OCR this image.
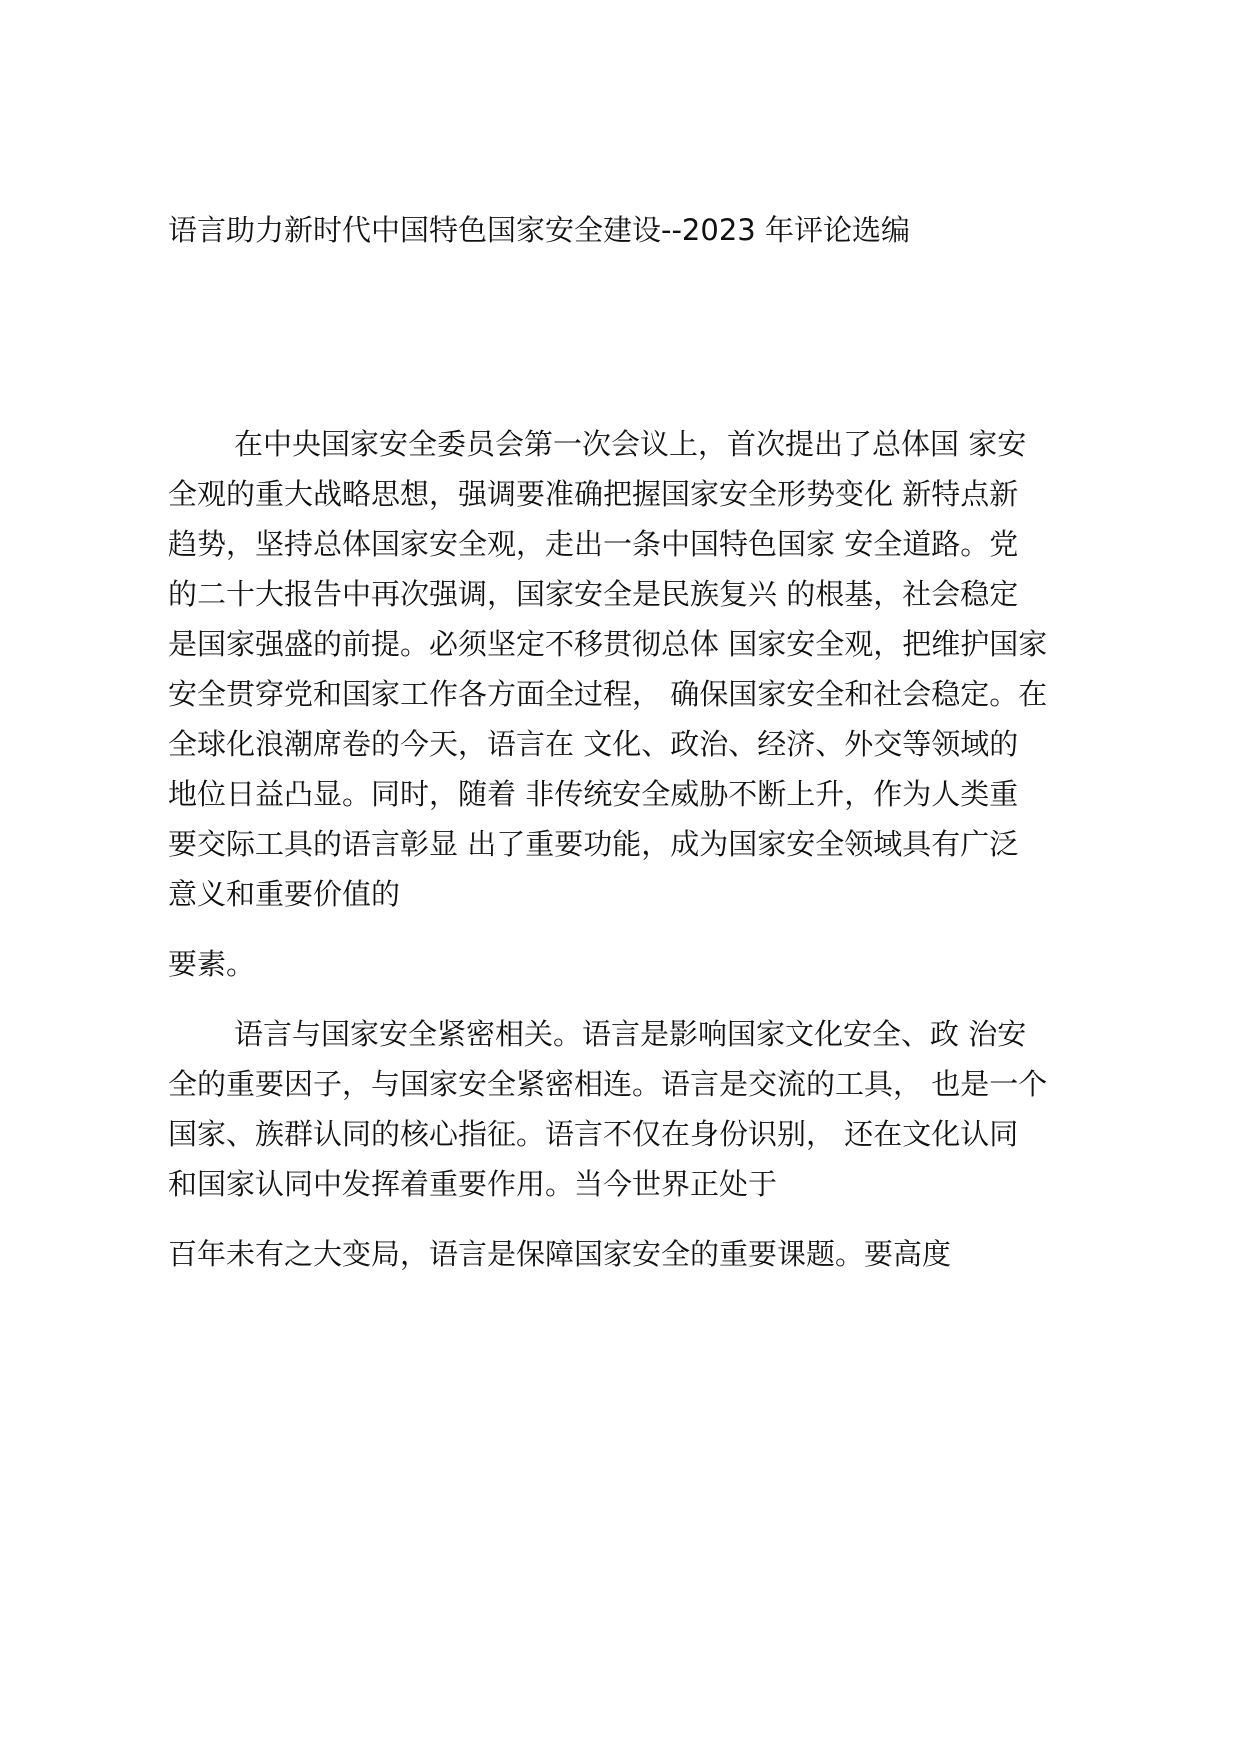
语言助力新时代中国特色国家安全建设--2023 年评论选编
在中央国家安全委员会第一次会议上，首次提出了总体国 家安
全观的重大战略思想，强调要准确把握国家安全形势变化 新特点新
趋势，坚持总体国家安全观，走出一条中国特色国家 安全道路。党
的二十大报告中再次强调，国家安全是民族复兴 的根基，社会稳定
是国家强盛的前提。必须坚定不移贯彻总体 国家安全观，把维护国家
安全贯穿党和国家工作各方面全过程， 确保国家安全和社会稳定。在
全球化浪潮席卷的今天，语言在 文化、政治、经济、外交等领域的
地位日益凸显。同时，随着 非传统安全威胁不断上升，作为人类重
要交际工具的语言彰显 出了重要功能，成为国家安全领域具有广泛
意义和重要价值的
要素。
语言与国家安全紧密相关。语言是影响国家文化安全、政 治安
全的重要因子，与国家安全紧密相连。语言是交流的工具， 也是一个
国家、族群认同的核心指征。语言不仅在身份识别， 还在文化认同
和国家认同中发挥着重要作用。当今世界正处于
百年未有之大变局，语言是保障国家安全的重要课题。要高度
